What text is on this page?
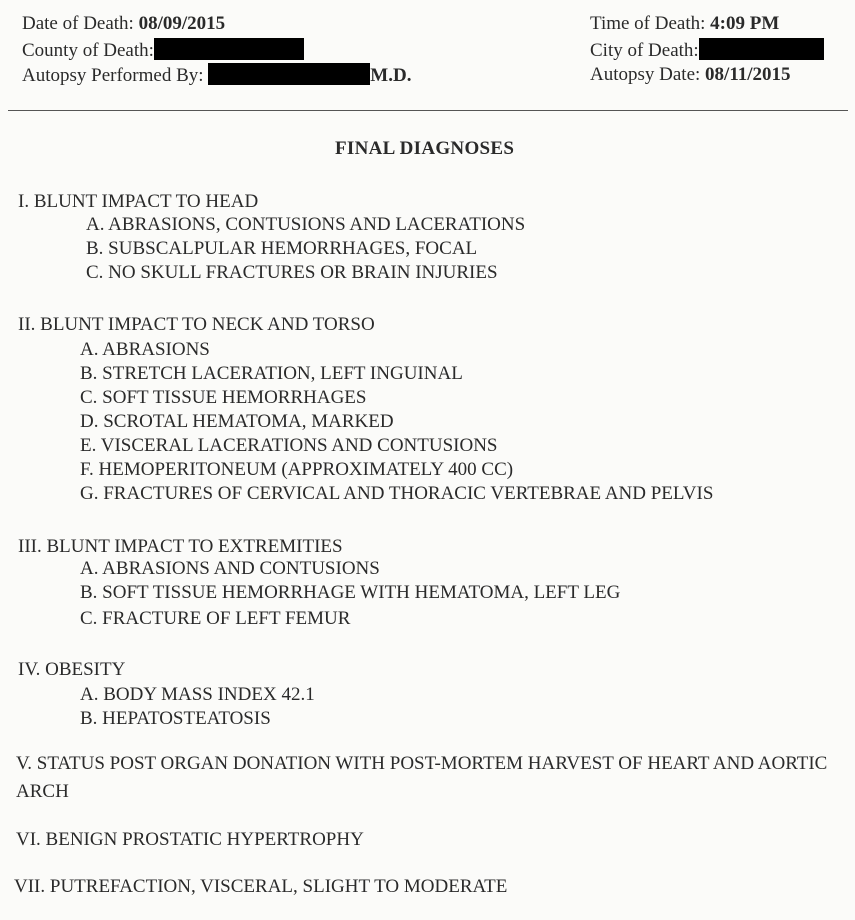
Date of Death: 08/09/2015
County of Death:
Autopsy Performed By:	M.D.
Time of Death: 4:09 PM
City of Death:
Autopsy Date: 08/11/2015
FINAL DIAGNOSES
I. BLUNT IMPACT TO HEAD
A. ABRASIONS, CONTUSIONS AND LACERATIONS
B. SUBSCALPULAR HEMORRHAGES, FOCAL
C. NO SKULL FRACTURES OR BRAIN INJURIES
II. BLUNT IMPACT TO NECK AND TORSO
A. ABRASIONS
B. STRETCH LACERATION, LEFT INGUINAL
C. SOFT TISSUE HEMORRHAGES
D. SCROTAL HEMATOMA, MARKED
E. VISCERAL LACERATIONS AND CONTUSIONS
F. HEMOPERITONEUM (APPROXIMATELY 400 CC)
G. FRACTURES OF CERVICAL AND THORACIC VERTEBRAE AND PELVIS
III. BLUNT IMPACT TO EXTREMITIES
A. ABRASIONS AND CONTUSIONS
B. SOFT TISSUE HEMORRHAGE WITH HEMATOMA, LEFT LEG
C. FRACTURE OF LEFT FEMUR
IV. OBESITY
A. BODY MASS INDEX 42.1
B. HEPATOSTEATOSIS
V. STATUS POST ORGAN DONATION WITH POST-MORTEM HARVEST OF HEART AND AORTIC ARCH
VI. BENIGN PROSTATIC HYPERTROPHY
VII. PUTREFACTION, VISCERAL, SLIGHT TO MODERATE
